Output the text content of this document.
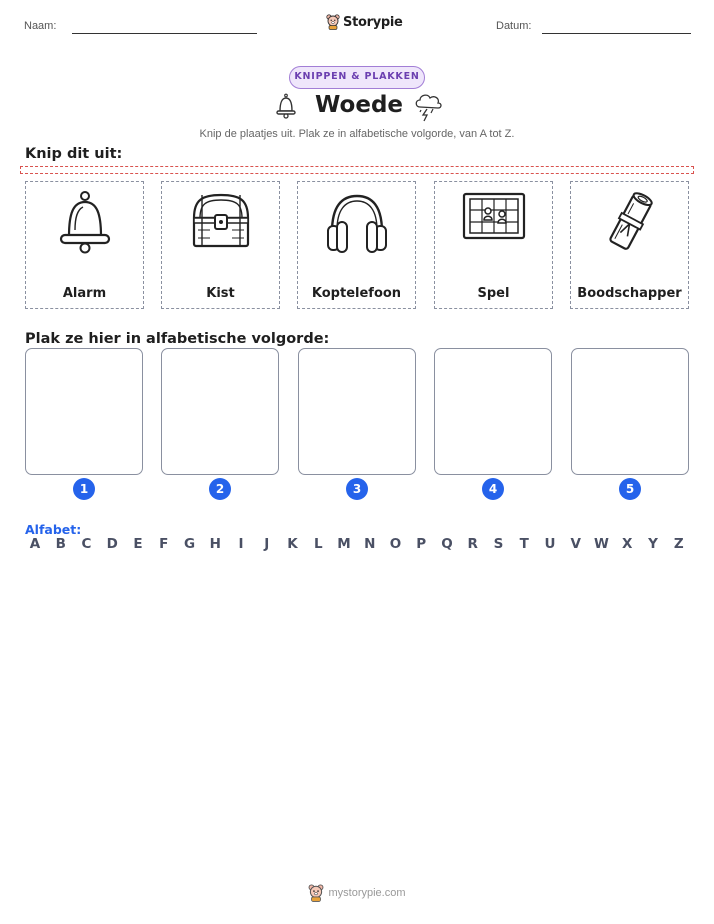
Naam:	Storypie	Datum:
KNIPPEN & PLAKKEN
Woede
Knip de plaatjes uit. Plak ze in alfabetische volgorde, van A tot Z.
Knip dit uit:
Alarm	Kist	Koptelefoon	Spel	Boodschapper
Plak ze hier in alfabetische volgorde:
1	2	3	4	5
Alfabet:
A	B	C	D	E	F	G	H	I	J	K	L	M N	O	P	Q	R	S	T	U	V W X	Y	Z
mystorypie.com
